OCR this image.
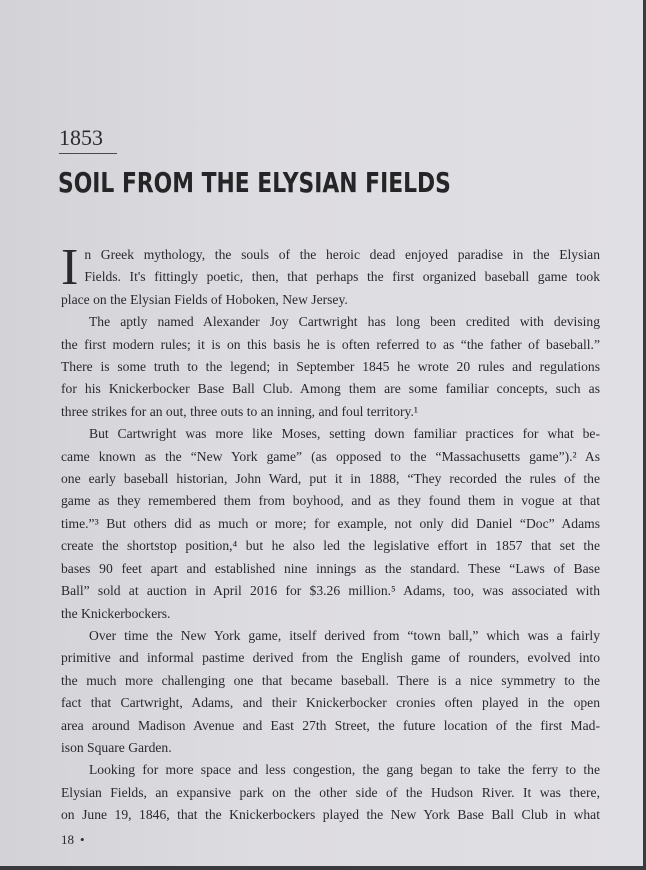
1853
SOIL FROM THE ELYSIAN FIELDS
I n Greek mythology, the souls of the heroic dead enjoyed paradise in the Elysian
Fields. It's fittingly poetic, then, that perhaps the first organized baseball game took
place on the Elysian Fields of Hoboken, New Jersey.
The aptly named Alexander Joy Cartwright has long been credited with devising
the first modern rules; it is on this basis he is often referred to as “the father of baseball.”
There is some truth to the legend; in September 1845 he wrote 20 rules and regulations
for his Knickerbocker Base Ball Club. Among them are some familiar concepts, such as
three strikes for an out, three outs to an inning, and foul territory.¹
But Cartwright was more like Moses, setting down familiar practices for what be-
came known as the “New York game” (as opposed to the “Massachusetts game”).² As
one early baseball historian, John Ward, put it in 1888, “They recorded the rules of the
game as they remembered them from boyhood, and as they found them in vogue at that
time.”³ But others did as much or more; for example, not only did Daniel “Doc” Adams
create the shortstop position,⁴ but he also led the legislative effort in 1857 that set the
bases 90 feet apart and established nine innings as the standard. These “Laws of Base
Ball” sold at auction in April 2016 for $3.26 million.⁵ Adams, too, was associated with
the Knickerbockers.
Over time the New York game, itself derived from “town ball,” which was a fairly
primitive and informal pastime derived from the English game of rounders, evolved into
the much more challenging one that became baseball. There is a nice symmetry to the
fact that Cartwright, Adams, and their Knickerbocker cronies often played in the open
area around Madison Avenue and East 27th Street, the future location of the first Mad-
ison Square Garden.
Looking for more space and less congestion, the gang began to take the ferry to the
Elysian Fields, an expansive park on the other side of the Hudson River. It was there,
on June 19, 1846, that the Knickerbockers played the New York Base Ball Club in what
18 •
